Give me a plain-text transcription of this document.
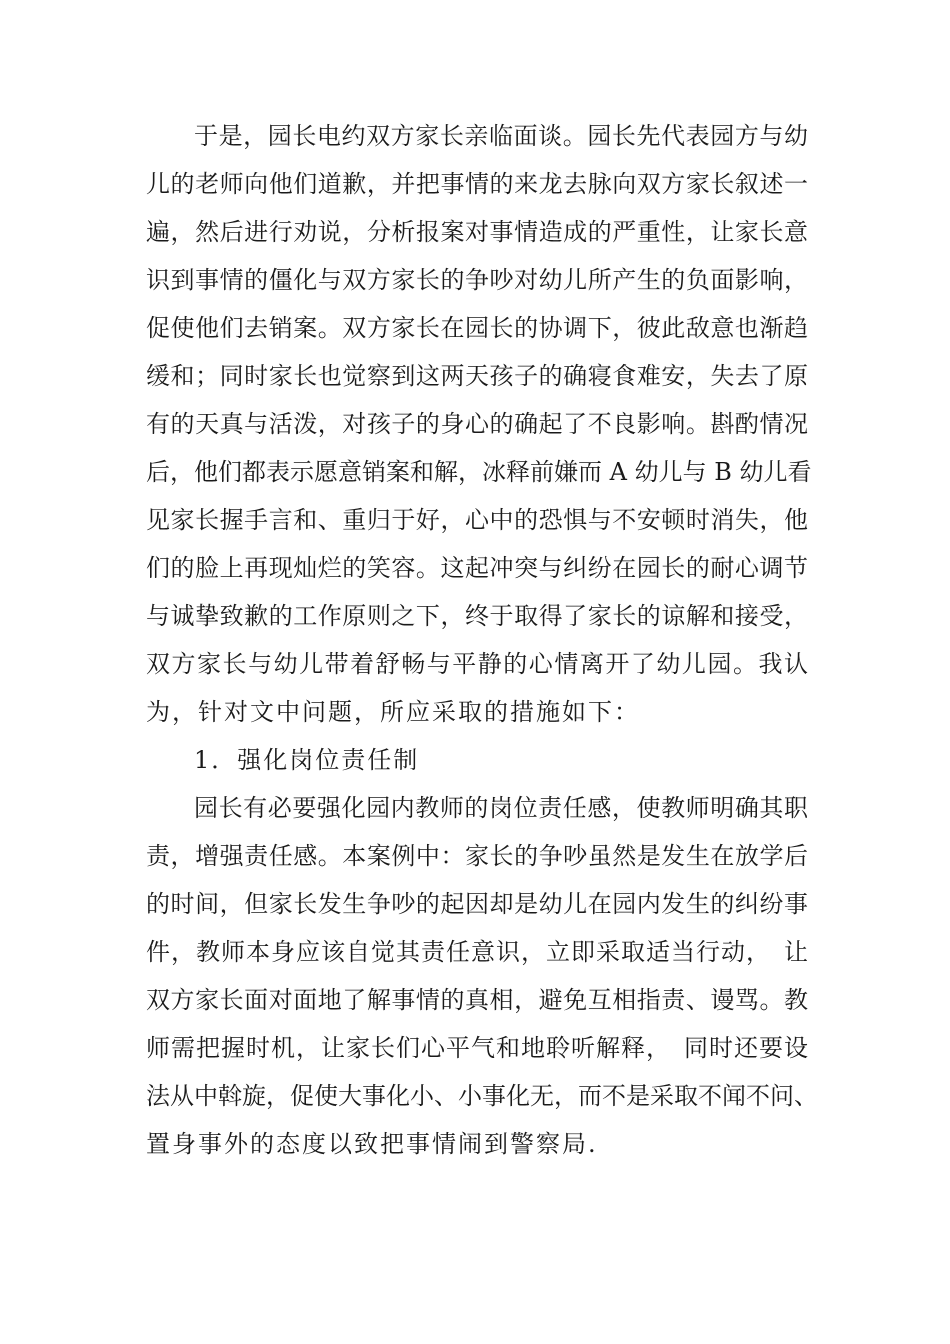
于是，园长电约双方家长亲临面谈。园长先代表园方与幼
儿的老师向他们道歉，并把事情的来龙去脉向双方家长叙述一
遍，然后进行劝说，分析报案对事情造成的严重性，让家长意
识到事情的僵化与双方家长的争吵对幼儿所产生的负面影响，
促使他们去销案。双方家长在园长的协调下，彼此敌意也渐趋
缓和；同时家长也觉察到这两天孩子的确寝食难安，失去了原
有的天真与活泼，对孩子的身心的确起了不良影响。斟酌情况
后，他们都表示愿意销案和解，冰释前嫌而 A 幼儿与 B 幼儿看
见家长握手言和、重归于好，心中的恐惧与不安顿时消失，他
们的脸上再现灿烂的笑容。这起冲突与纠纷在园长的耐心调节
与诚挚致歉的工作原则之下，终于取得了家长的谅解和接受，
双方家长与幼儿带着舒畅与平静的心情离开了幼儿园。我认
为，针对文中问题，所应采取的措施如下：
1．强化岗位责任制
园长有必要强化园内教师的岗位责任感，使教师明确其职
责，增强责任感。本案例中：家长的争吵虽然是发生在放学后
的时间，但家长发生争吵的起因却是幼儿在园内发生的纠纷事
件，教师本身应该自觉其责任意识，立即采取适当行动，　让
双方家长面对面地了解事情的真相，避免互相指责、谩骂。教
师需把握时机，让家长们心平气和地聆听解释，　同时还要设
法从中斡旋，促使大事化小、小事化无，而不是采取不闻不问、
置身事外的态度以致把事情闹到警察局.
